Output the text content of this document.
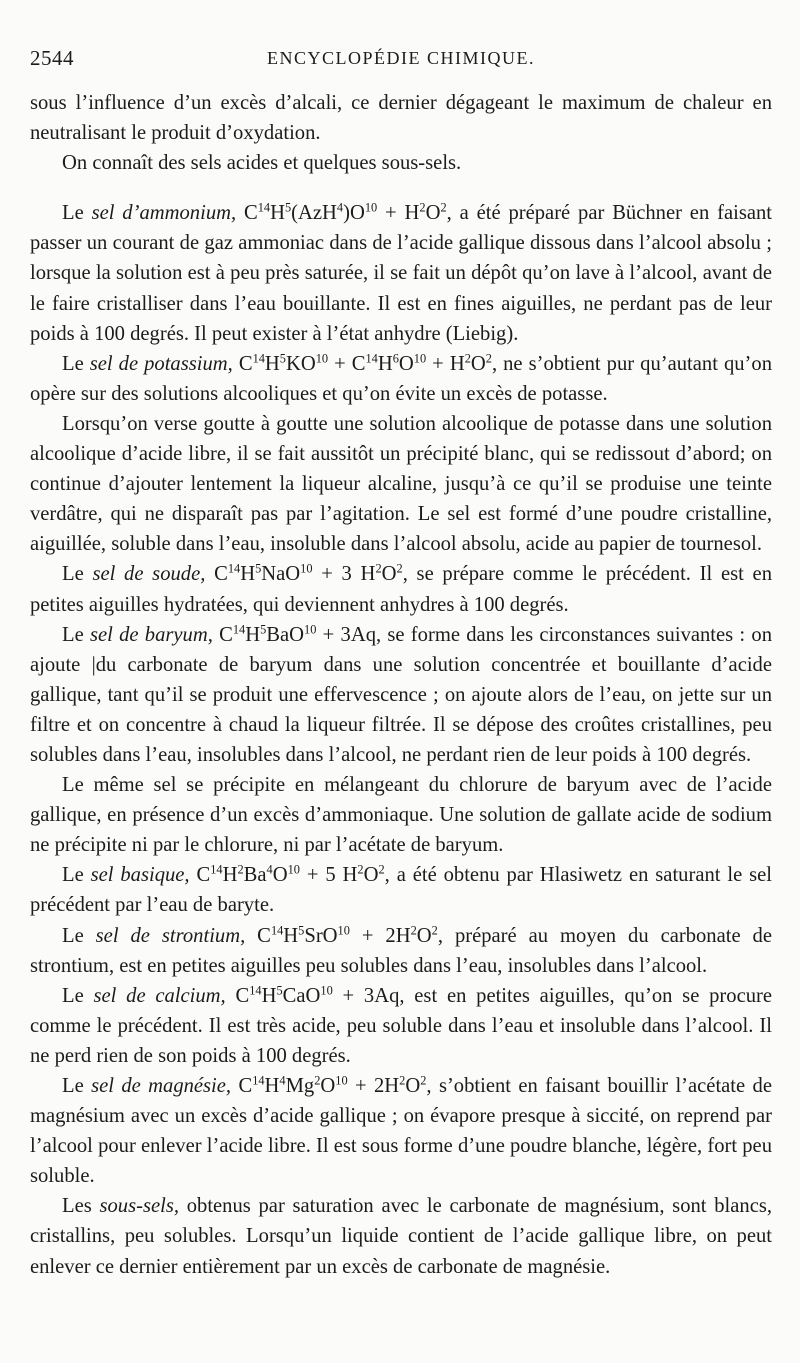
2544	ENCYCLOPÉDIE CHIMIQUE.

sous l’influence d’un excès d’alcali, ce dernier dégageant le maximum de chaleur en neutralisant le produit d’oxydation.

On connaît des sels acides et quelques sous-sels.

Le sel d’ammonium, $C^{14}H^5(AzH^4)O^{10} + H^2O^2$, a été préparé par Büchner en faisant passer un courant de gaz ammoniac dans de l’acide gallique dissous dans l’alcool absolu ; lorsque la solution est à peu près saturée, il se fait un dépôt qu’on lave à l’alcool, avant de le faire cristalliser dans l’eau bouillante. Il est en fines aiguilles, ne perdant pas de leur poids à 100 degrés. Il peut exister à l’état anhydre (Liebig).

Le sel de potassium, $C^{14}H^5KO^{10} + C^{14}H^6O^{10} + H^2O^2$, ne s’obtient pur qu’autant qu’on opère sur des solutions alcooliques et qu’on évite un excès de potasse.

Lorsqu’on verse goutte à goutte une solution alcoolique de potasse dans une solution alcoolique d’acide libre, il se fait aussitôt un précipité blanc, qui se redissout d’abord; on continue d’ajouter lentement la liqueur alcaline, jusqu’à ce qu’il se produise une teinte verdâtre, qui ne disparaît pas par l’agitation. Le sel est formé d’une poudre cristalline, aiguillée, soluble dans l’eau, insoluble dans l’alcool absolu, acide au papier de tournesol.

Le sel de soude, $C^{14}H^5NaO^{10} + 3$ $H^2O^2$, se prépare comme le précédent. Il est en petites aiguilles hydratées, qui deviennent anhydres à 100 degrés.

Le sel de baryum, $C^{14}H^5BaO^{10} + 3Aq$, se forme dans les circonstances suivantes : on ajoute |du carbonate de baryum dans une solution concentrée et bouillante d’acide gallique, tant qu’il se produit une effervescence ; on ajoute alors de l’eau, on jette sur un filtre et on concentre à chaud la liqueur filtrée. Il se dépose des croûtes cristallines, peu solubles dans l’eau, insolubles dans l’alcool, ne perdant rien de leur poids à 100 degrés.

Le même sel se précipite en mélangeant du chlorure de baryum avec de l’acide gallique, en présence d’un excès d’ammoniaque. Une solution de gallate acide de sodium ne précipite ni par le chlorure, ni par l’acétate de baryum.

Le sel basique, $C^{14}H^2Ba^4O^{10} + 5$ $H^2O^2$, a été obtenu par Hlasiwetz en saturant le sel précédent par l’eau de baryte.

Le sel de strontium, $C^{14}H^5SrO^{10} + 2H^2O^2$, préparé au moyen du carbonate de strontium, est en petites aiguilles peu solubles dans l’eau, insolubles dans l’alcool.

Le sel de calcium, $C^{14}H^5CaO^{10} + 3Aq$, est en petites aiguilles, qu’on se procure comme le précédent. Il est très acide, peu soluble dans l’eau et insoluble dans l’alcool. Il ne perd rien de son poids à 100 degrés.

Le sel de magnésie, $C^{14}H^4Mg^2O^{10} + 2H^2O^2$, s’obtient en faisant bouillir l’acétate de magnésium avec un excès d’acide gallique ; on évapore presque à siccité, on reprend par l’alcool pour enlever l’acide libre. Il est sous forme d’une poudre blanche, légère, fort peu soluble.

Les sous-sels, obtenus par saturation avec le carbonate de magnésium, sont blancs, cristallins, peu solubles. Lorsqu’un liquide contient de l’acide gallique libre, on peut enlever ce dernier entièrement par un excès de carbonate de magnésie.
